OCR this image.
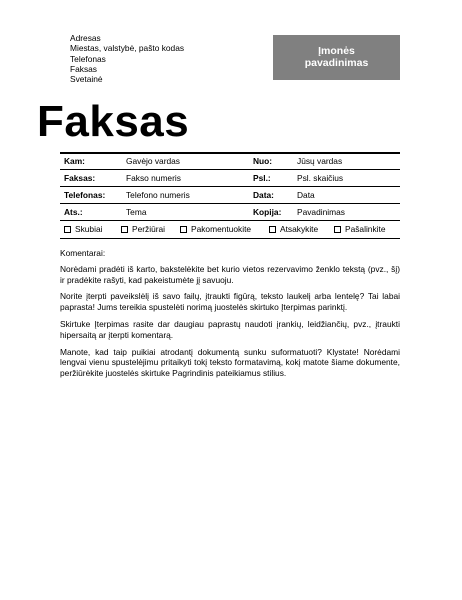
Adresas
Miestas, valstybė, pašto kodas
Telefonas
Faksas
Svetainė
Įmonės
pavadinimas
Faksas
Kam:	Gavėjo vardas	Nuo:	Jūsų vardas
Faksas:	Fakso numeris	Psl.:	Psl. skaičius
Telefonas: Telefono numeris	Data:	Data
Ats.:	Tema	Kopija: Pavadinimas
Skubiai	Peržiūrai	Pakomentuokite	Atsakykite	Pašalinkite

Komentarai:

Norėdami pradėti iš karto, bakstelėkite bet kurio vietos rezervavimo ženklo tekstą (pvz., šį) ir pradėkite rašyti, kad pakeistumėte jį savuoju.

Norite įterpti paveikslėlį iš savo failų, įtraukti figūrą, teksto laukelį arba lentelę? Tai labai paprasta! Jums tereikia spustelėti norimą juostelės skirtuko Įterpimas parinktį.

Skirtuke Įterpimas rasite dar daugiau paprastų naudoti įrankių, leidžiančių, pvz., įtraukti hipersaitą ar įterpti komentarą.

Manote, kad taip puikiai atrodantį dokumentą sunku suformatuoti? Klystate! Norėdami lengvai vienu spustelėjimu pritaikyti tokį teksto formatavimą, kokį matote šiame dokumente, peržiūrėkite juostelės skirtuke Pagrindinis pateikiamus stilius.
